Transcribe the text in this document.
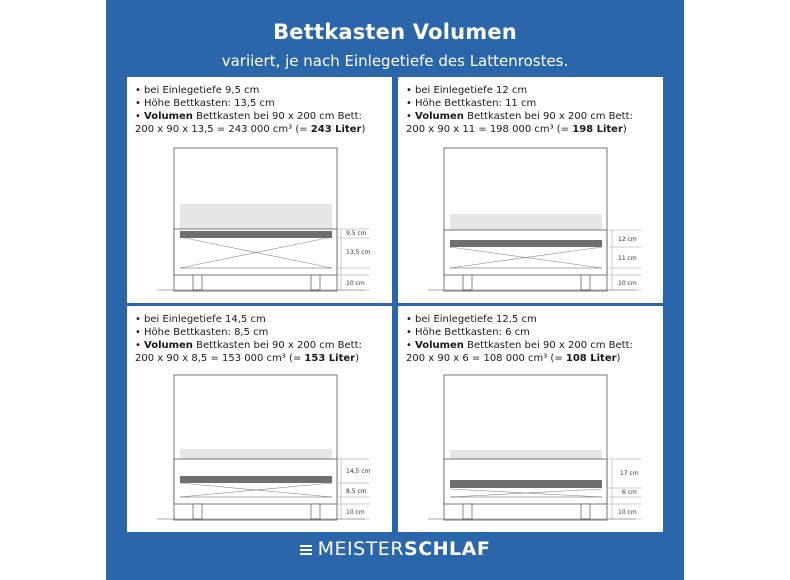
Bettkasten Volumen
variiert, je nach Einlegetiefe des Lattenrostes.
• bei Einlegetiefe 9,5 cm
• Höhe Bettkasten: 13,5 cm
• Volumen Bettkasten bei 90 x 200 cm Bett:
200 x 90 x 13,5 = 243 000 cm³ (= 243 Liter)
9,5 cm
13,5 cm
10 cm
• bei Einlegetiefe 12 cm
• Höhe Bettkasten: 11 cm
• Volumen Bettkasten bei 90 x 200 cm Bett:
200 x 90 x 11 = 198 000 cm³ (= 198 Liter)
12 cm
11 cm
10 cm
• bei Einlegetiefe 14,5 cm
• Höhe Bettkasten: 8,5 cm
• Volumen Bettkasten bei 90 x 200 cm Bett:
200 x 90 x 8,5 = 153 000 cm³ (= 153 Liter)
14,5 cm
8,5 cm
10 cm
• bei Einlegetiefe 12,5 cm
• Höhe Bettkasten: 6 cm
• Volumen Bettkasten bei 90 x 200 cm Bett:
200 x 90 x 6 = 108 000 cm³ (= 108 Liter)
17 cm
6 cm
10 cm
MEISTERSCHLAF
